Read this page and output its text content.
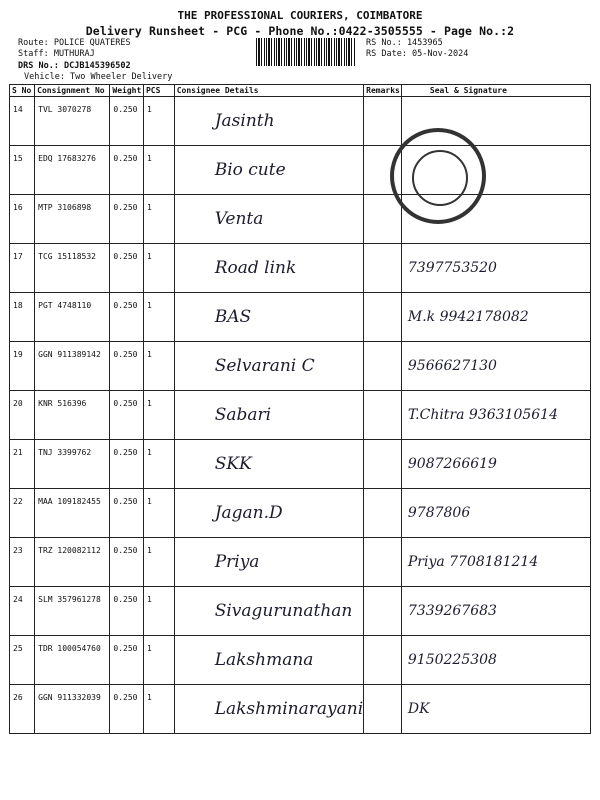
THE PROFESSIONAL COURIERS, COIMBATORE
Delivery Runsheet - PCG - Phone No.:0422-3505555 - Page No.:2
Route: POLICE QUATERES
Staff: MUTHURAJ
DRS No.: DCJB145396502
Vehicle: Two Wheeler Delivery
RS No.: 1453965
RS Date: 05-Nov-2024
S No	Consignment No	Weight	PCS	Consignee Details	Remarks	Seal & Signature
14	TVL 3070278	0.250	1	Jasinth		
15	EDQ 17683276	0.250	1	Bio cute		
16	MTP 3106898	0.250	1	Venta		
17	TCG 15118532	0.250	1	Road link		7397753520
18	PGT 4748110	0.250	1	BAS		M.k 9942178082
19	GGN 911389142	0.250	1	Selvarani C		9566627130
20	KNR 516396	0.250	1	Sabari		T.Chitra 9363105614
21	TNJ 3399762	0.250	1	SKK		9087266619
22	MAA 109182455	0.250	1	Jagan.D		9787806
23	TRZ 120082112	0.250	1	Priya		Priya 7708181214
24	SLM 357961278	0.250	1	Sivagurunathan		7339267683
25	TDR 100054760	0.250	1	Lakshmana		9150225308
26	GGN 911332039	0.250	1	Lakshminarayani		DK
